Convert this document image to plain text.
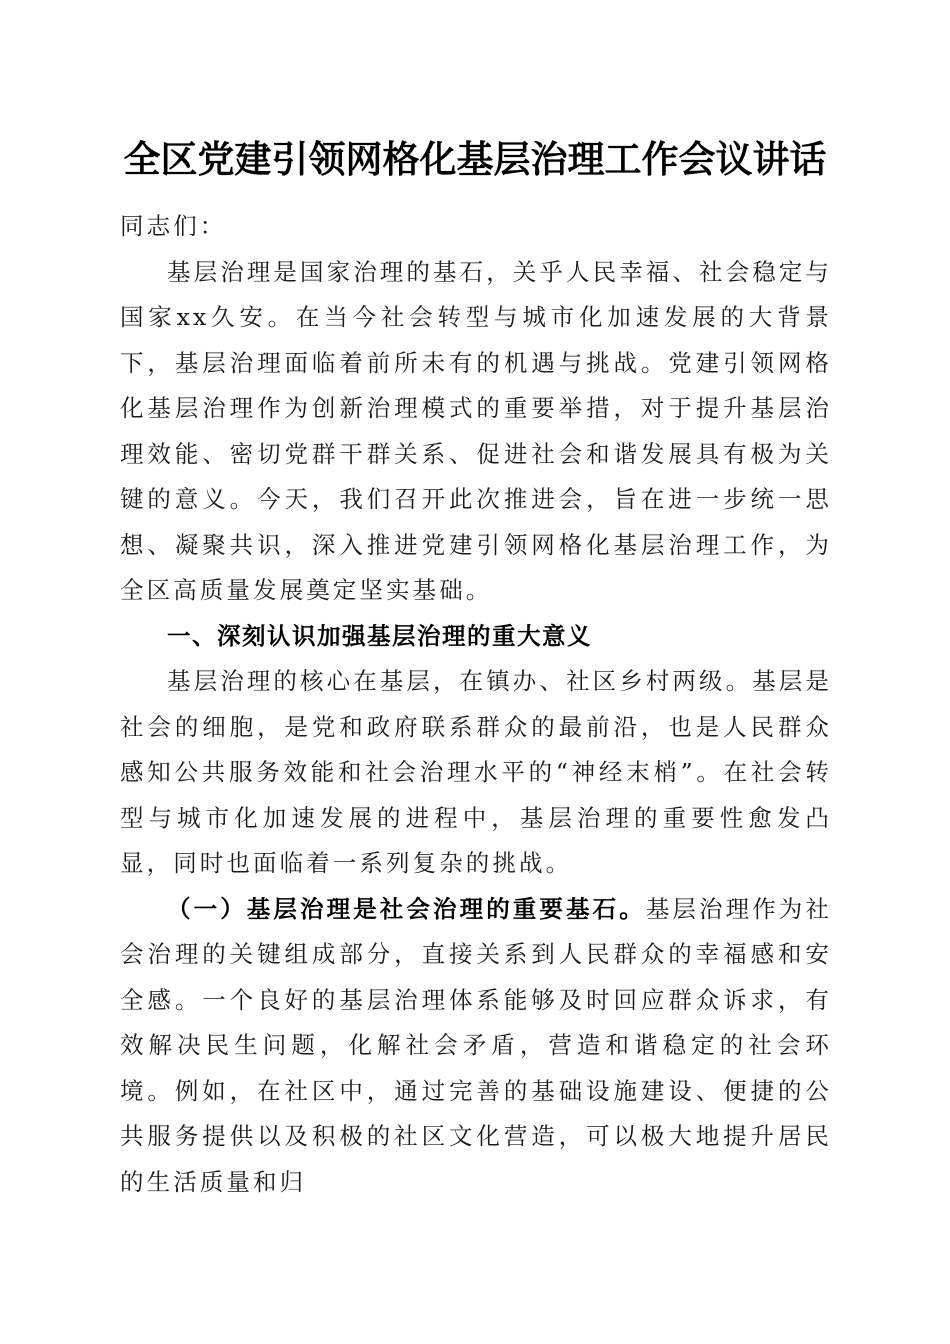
全区党建引领网格化基层治理工作会议讲话

同志们：

基层治理是国家治理的基石，关乎人民幸福、社会稳定与国家xx久安。在当今社会转型与城市化加速发展的大背景下，基层治理面临着前所未有的机遇与挑战。党建引领网格化基层治理作为创新治理模式的重要举措，对于提升基层治理效能、密切党群干群关系、促进社会和谐发展具有极为关键的意义。今天，我们召开此次推进会，旨在进一步统一思想、凝聚共识，深入推进党建引领网格化基层治理工作，为全区高质量发展奠定坚实基础。

一、深刻认识加强基层治理的重大意义

基层治理的核心在基层，在镇办、社区乡村两级。基层是社会的细胞，是党和政府联系群众的最前沿，也是人民群众感知公共服务效能和社会治理水平的“神经末梢”。在社会转型与城市化加速发展的进程中，基层治理的重要性愈发凸显，同时也面临着一系列复杂的挑战。

（一）基层治理是社会治理的重要基石。基层治理作为社会治理的关键组成部分，直接关系到人民群众的幸福感和安全感。一个良好的基层治理体系能够及时回应群众诉求，有效解决民生问题，化解社会矛盾，营造和谐稳定的社会环境。例如，在社区中，通过完善的基础设施建设、便捷的公共服务提供以及积极的社区文化营造，可以极大地提升居民的生活质量和归
